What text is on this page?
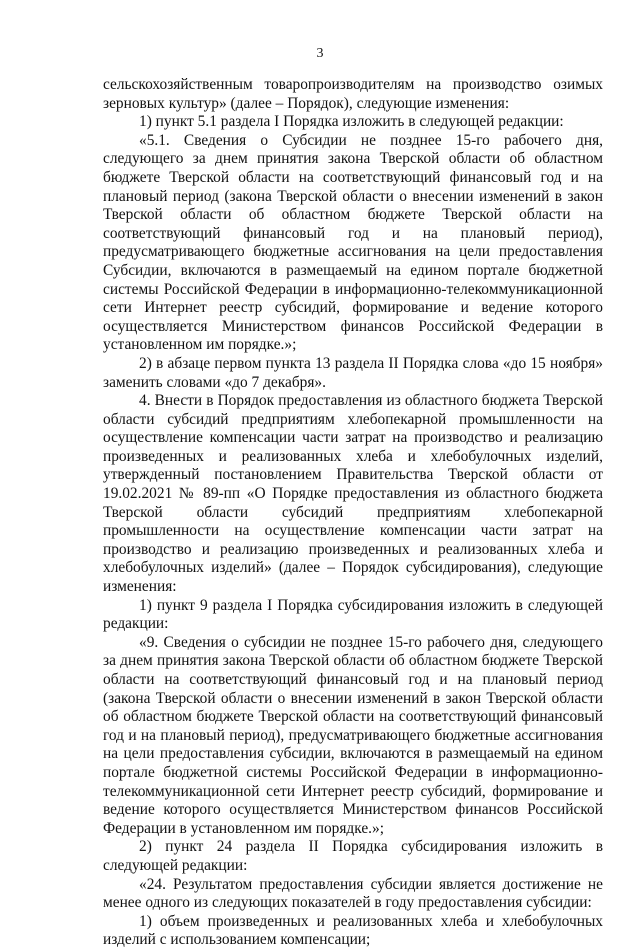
3

сельскохозяйственным товаропроизводителям на производство озимых зерновых культур» (далее – Порядок), следующие изменения:

1) пункт 5.1 раздела I Порядка изложить в следующей редакции:

«5.1. Сведения о Субсидии не позднее 15-го рабочего дня, следующего за днем принятия закона Тверской области об областном бюджете Тверской области на соответствующий финансовый год и на плановый период (закона Тверской области о внесении изменений в закон Тверской области об областном бюджете Тверской области на соответствующий финансовый год и на плановый период), предусматривающего бюджетные ассигнования на цели предоставления Субсидии, включаются в размещаемый на едином портале бюджетной системы Российской Федерации в информационно-телекоммуникационной сети Интернет реестр субсидий, формирование и ведение которого осуществляется Министерством финансов Российской Федерации в установленном им порядке.»;

2) в абзаце первом пункта 13 раздела II Порядка слова «до 15 ноября» заменить словами «до 7 декабря».

4. Внести в Порядок предоставления из областного бюджета Тверской области субсидий предприятиям хлебопекарной промышленности на осуществление компенсации части затрат на производство и реализацию произведенных и реализованных хлеба и хлебобулочных изделий, утвержденный постановлением Правительства Тверской области от 19.02.2021 № 89-пп «О Порядке предоставления из областного бюджета Тверской области субсидий предприятиям хлебопекарной промышленности на осуществление компенсации части затрат на производство и реализацию произведенных и реализованных хлеба и хлебобулочных изделий» (далее – Порядок субсидирования), следующие изменения:

1) пункт 9 раздела I Порядка субсидирования изложить в следующей редакции:

«9. Сведения о субсидии не позднее 15-го рабочего дня, следующего за днем принятия закона Тверской области об областном бюджете Тверской области на соответствующий финансовый год и на плановый период (закона Тверской области о внесении изменений в закон Тверской области об областном бюджете Тверской области на соответствующий финансовый год и на плановый период), предусматривающего бюджетные ассигнования на цели предоставления субсидии, включаются в размещаемый на едином портале бюджетной системы Российской Федерации в информационно-телекоммуникационной сети Интернет реестр субсидий, формирование и ведение которого осуществляется Министерством финансов Российской Федерации в установленном им порядке.»;

2) пункт 24 раздела II Порядка субсидирования изложить в следующей редакции:

«24. Результатом предоставления субсидии является достижение не менее одного из следующих показателей в году предоставления субсидии:

1) объем произведенных и реализованных хлеба и хлебобулочных изделий с использованием компенсации;
